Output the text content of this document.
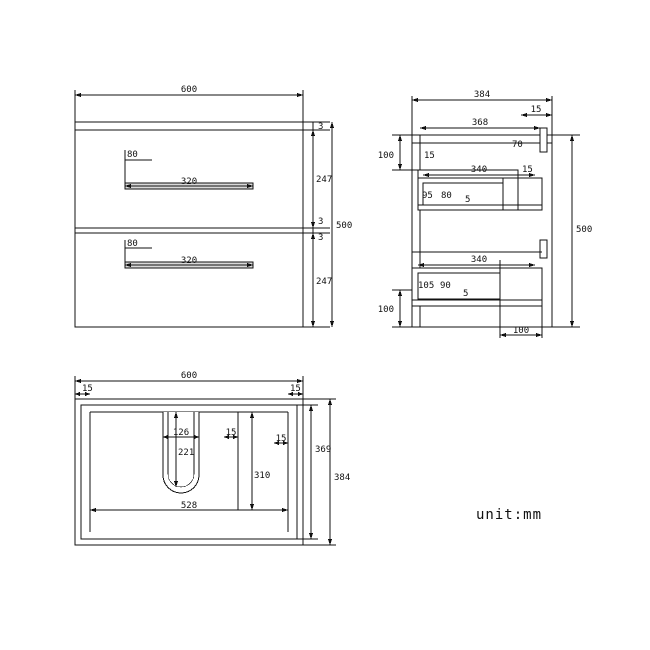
600
3
247
3
3
247
500
80
320
80
320
384
15
368
70
100	15
340	15
95 80 5
500
340
105 90
5
100
100
600
15	15
126	15
15
221
310
528
369
384
unit:mm
